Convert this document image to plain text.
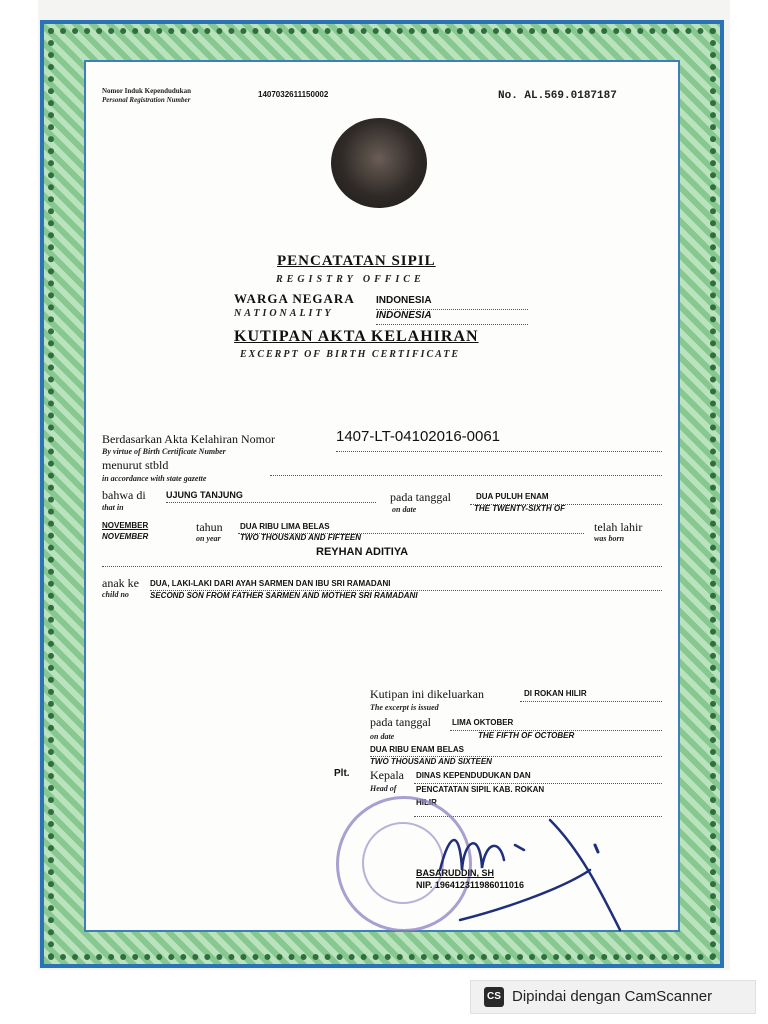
Nomor Induk Kependudukan
Personal Registration Number
1407032611150002	No. AL.569.0187187
PENCATATAN SIPIL
REGISTRY OFFICE
WARGA NEGARA INDONESIA
NATIONALITY	INDONESIA
KUTIPAN AKTA KELAHIRAN
EXCERPT OF BIRTH CERTIFICATE
Berdasarkan Akta Kelahiran Nomor
By virtue of Birth Certificate Number
1407-LT-04102016-0061
menurut stbld
in accordance with state gazette
bahwa di
that in
UJUNG TANJUNG	pada tanggal
on date
DUA PULUH ENAM
THE TWENTY-SIXTH OF
NOVEMBER
NOVEMBER
tahun
on year
DUA RIBU LIMA BELAS
TWO THOUSAND AND FIFTEEN
telah lahir
was born
REYHAN ADITIYA
anak ke
child no
DUA, LAKI-LAKI DARI AYAH SARMEN DAN IBU SRI RAMADANI
SECOND SON FROM FATHER SARMEN AND MOTHER SRI RAMADANI
Kutipan ini dikeluarkan
The excerpt is issued
DI ROKAN HILIR
pada tanggal
on date
LIMA OKTOBER
THE FIFTH OF OCTOBER
DUA RIBU ENAM BELAS
TWO THOUSAND AND SIXTEEN
Plt. Kepala
Head of
DINAS KEPENDUDUKAN DAN
PENCATATAN SIPIL KAB. ROKAN
HILIR
BASARUDDIN, SH
NIP. 196412311986011016
CS Dipindai dengan CamScanner
